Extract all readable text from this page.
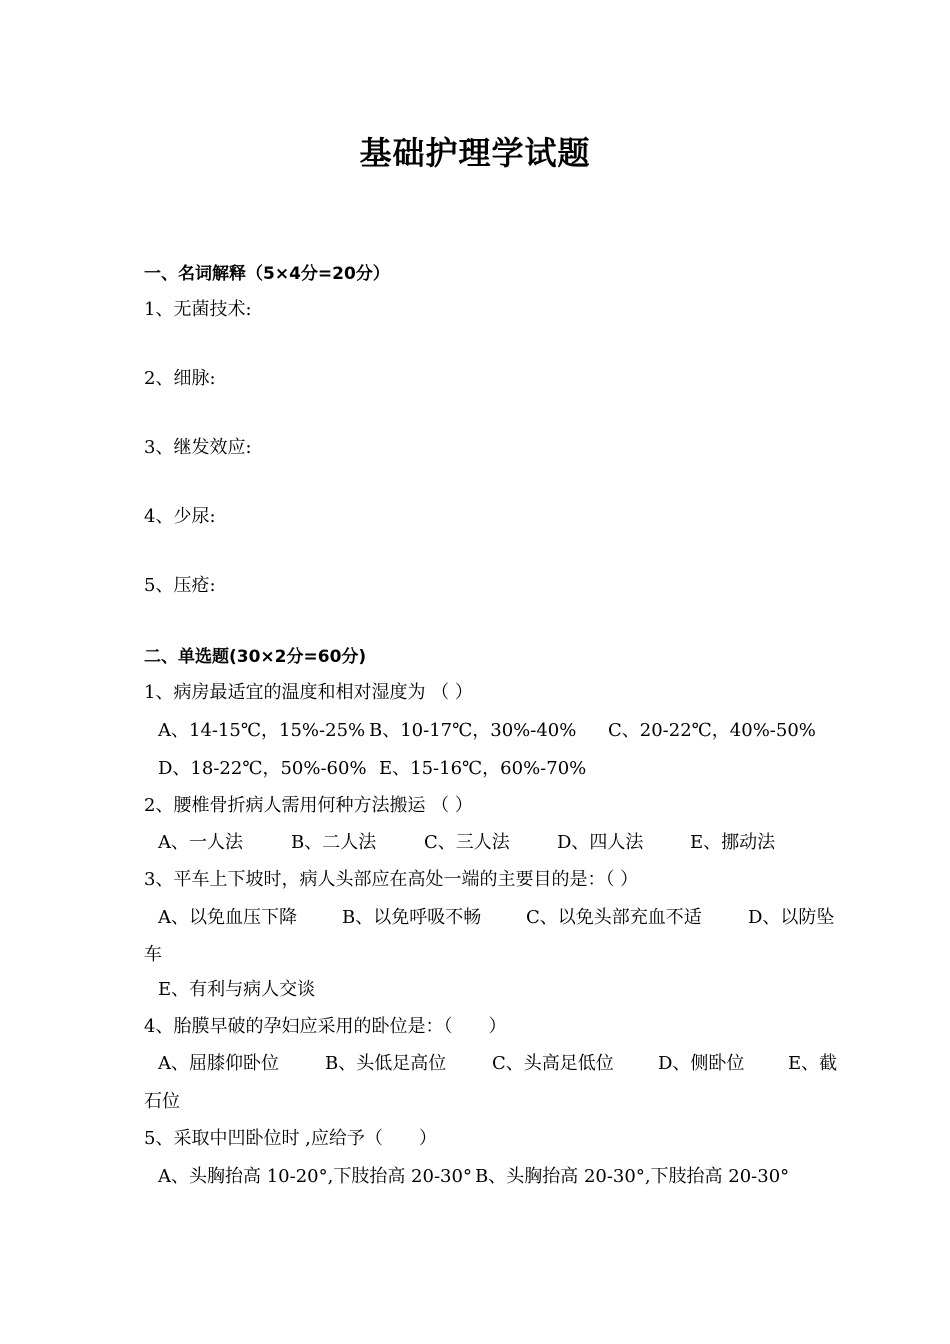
基础护理学试题
一、名词解释（5×4分=20分）
1、无菌技术:
2、细脉:
3、继发效应:
4、少尿:
5、压疮:
二、单选题(30×2分=60分)
1、病房最适宜的温度和相对湿度为 （ ）
A、14-15℃，15%-25% B、10-17℃，30%-40% C、20-22℃，40%-50%
D、18-22℃，50%-60% E、15-16℃，60%-70%
2、腰椎骨折病人需用何种方法搬运 （ ）
A、一人法	B、二人法	C、三人法	D、四人法	E、挪动法
3、平车上下坡时，病人头部应在高处一端的主要目的是：（ ）
A、以免血压下降	B、以免呼吸不畅 C、以免头部充血不适	D、以防坠
车
E、有利与病人交谈
4、胎膜早破的孕妇应采用的卧位是：（　　）
A、屈膝仰卧位	B、头低足高位	C、头高足低位 D、侧卧位 E、截
石位
5、采取中凹卧位时 ,应给予（　　）
A、头胸抬高 10-20°,下肢抬高 20-30° B、头胸抬高 20-30°,下肢抬高 20-30°
